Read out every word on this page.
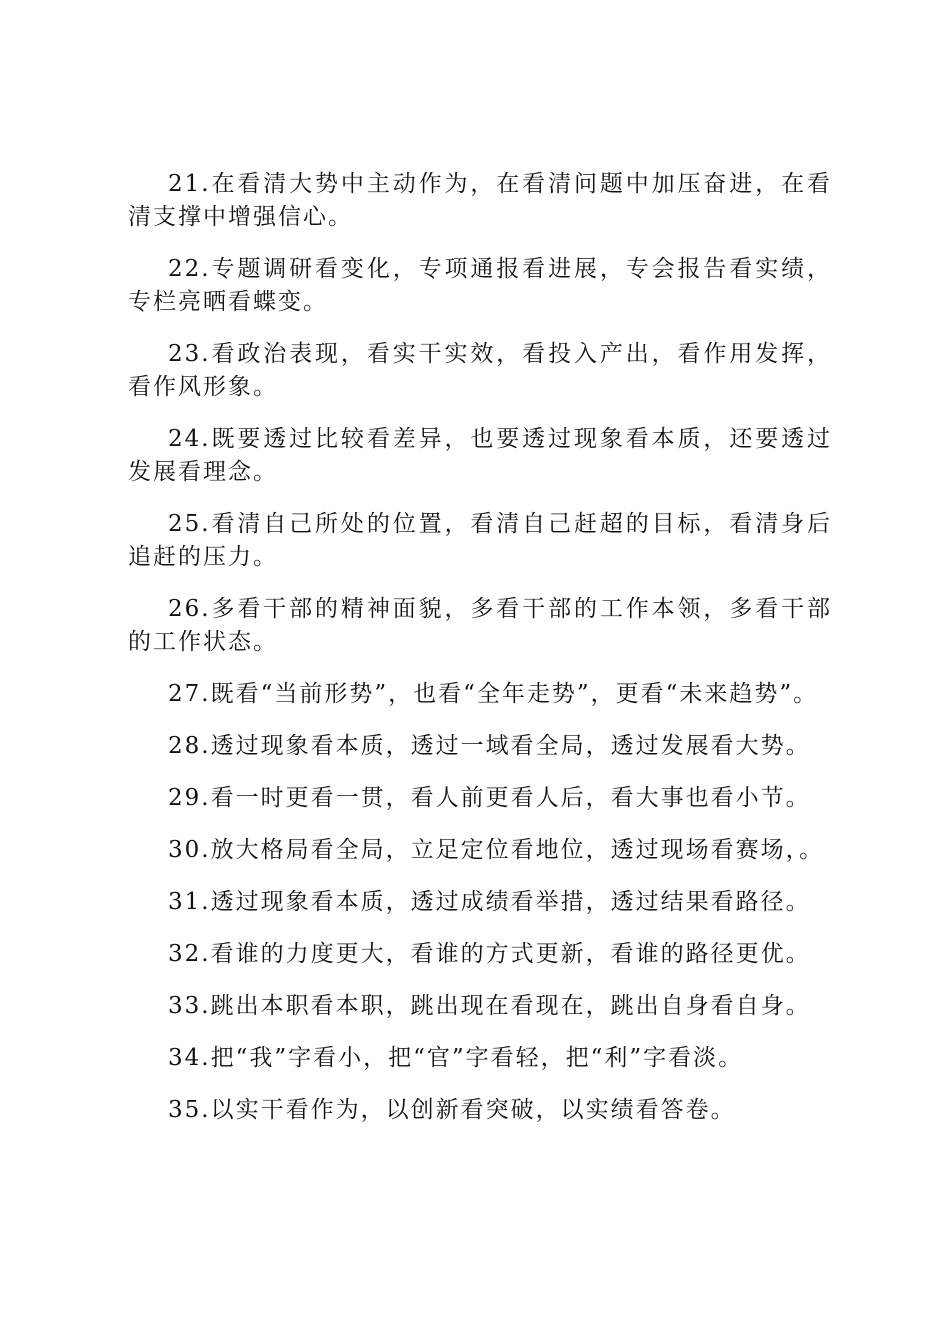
21.在看清大势中主动作为，在看清问题中加压奋进，在看清支撑中增强信心。

22.专题调研看变化，专项通报看进展，专会报告看实绩，专栏亮晒看蝶变。

23.看政治表现，看实干实效，看投入产出，看作用发挥，看作风形象。

24.既要透过比较看差异，也要透过现象看本质，还要透过发展看理念。

25.看清自己所处的位置，看清自己赶超的目标，看清身后追赶的压力。

26.多看干部的精神面貌，多看干部的工作本领，多看干部的工作状态。

27.既看“当前形势”，也看“全年走势”，更看“未来趋势”。

28.透过现象看本质，透过一域看全局，透过发展看大势。

29.看一时更看一贯，看人前更看人后，看大事也看小节。

30.放大格局看全局，立足定位看地位，透过现场看赛场，。

31.透过现象看本质，透过成绩看举措，透过结果看路径。

32.看谁的力度更大，看谁的方式更新，看谁的路径更优。

33.跳出本职看本职，跳出现在看现在，跳出自身看自身。

34.把“我”字看小，把“官”字看轻，把“利”字看淡。

35.以实干看作为，以创新看突破，以实绩看答卷。
